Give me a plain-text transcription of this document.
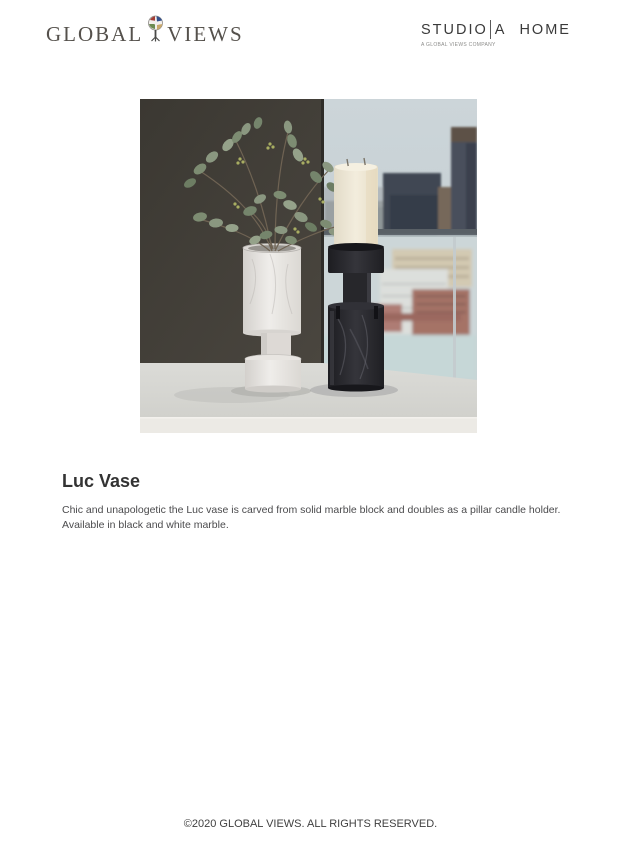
GLOBAL VIEWS	STUDIO A HOME
A GLOBAL VIEWS COMPANY
Luc Vase
Chic and unapologetic the Luc vase is carved from solid marble block and doubles as a pillar candle holder.
Available in black and white marble.
©2020 GLOBAL VIEWS. ALL RIGHTS RESERVED.
